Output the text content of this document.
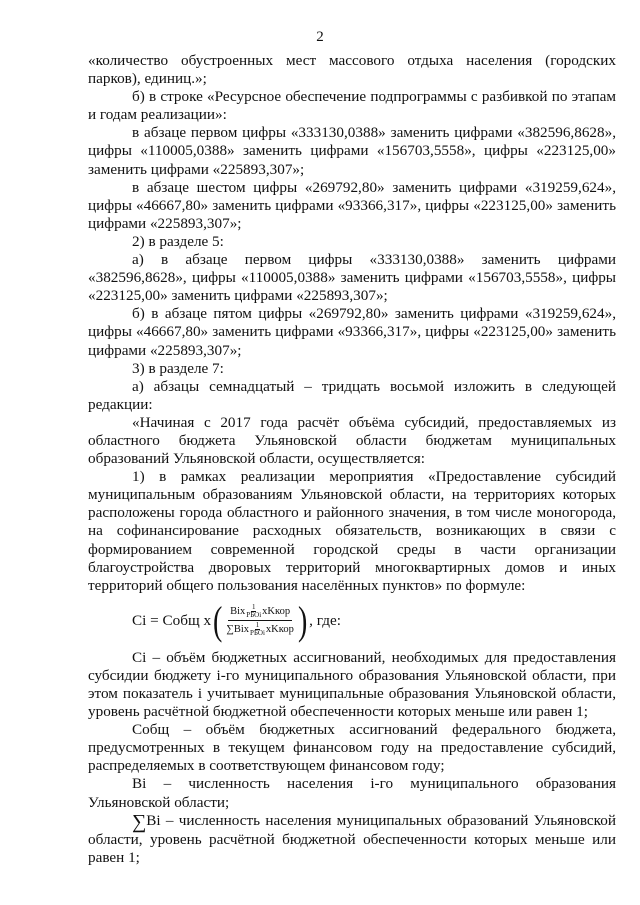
2

«количество обустроенных мест массового отдыха населения (городских парков), единиц.»;

б) в строке «Ресурсное обеспечение подпрограммы с разбивкой по этапам и годам реализации»:

в абзаце первом цифры «333130,0388» заменить цифрами «382596,8628», цифры «110005,0388» заменить цифрами «156703,5558», цифры «223125,00» заменить цифрами «225893,307»;

в абзаце шестом цифры «269792,80» заменить цифрами «319259,624», цифры «46667,80» заменить цифрами «93366,317», цифры «223125,00» заменить цифрами «225893,307»;

2) в разделе 5:

а) в абзаце первом цифры «333130,0388» заменить цифрами «382596,8628», цифры «110005,0388» заменить цифрами «156703,5558», цифры «223125,00» заменить цифрами «225893,307»;

б) в абзаце пятом цифры «269792,80» заменить цифрами «319259,624», цифры «46667,80» заменить цифрами «93366,317», цифры «223125,00» заменить цифрами «225893,307»;

3) в разделе 7:

а) абзацы семнадцатый – тридцать восьмой изложить в следующей редакции:

«Начиная с 2017 года расчёт объёма субсидий, предоставляемых из областного бюджета Ульяновской области бюджетам муниципальных образований Ульяновской области, осуществляется:

1) в рамках реализации мероприятия «Предоставление субсидий муниципальным образованиям Ульяновской области, на территориях которых расположены города областного и районного значения, в том числе моногорода, на софинансирование расходных обязательств, возникающих в связи с формированием современной городской среды в части организации благоустройства дворовых территорий многоквартирных домов и иных территорий общего пользования населённых пунктов» по формуле:

Ci = Собщ x ( Bix 1
РБОi xKкор
∑Bix 1
РБОi xKкор ) , где:

Ci – объём бюджетных ассигнований, необходимых для предоставления субсидии бюджету i-го муниципального образования Ульяновской области, при этом показатель i учитывает муниципальные образования Ульяновской области, уровень расчётной бюджетной обеспеченности которых меньше или равен 1;

Собщ – объём бюджетных ассигнований федерального бюджета, предусмотренных в текущем финансовом году на предоставление субсидий, распределяемых в соответствующем финансовом году;

Bi – численность населения i-го муниципального образования Ульяновской области;

∑Bi – численность населения муниципальных образований Ульяновской области, уровень расчётной бюджетной обеспеченности которых меньше или равен 1;
